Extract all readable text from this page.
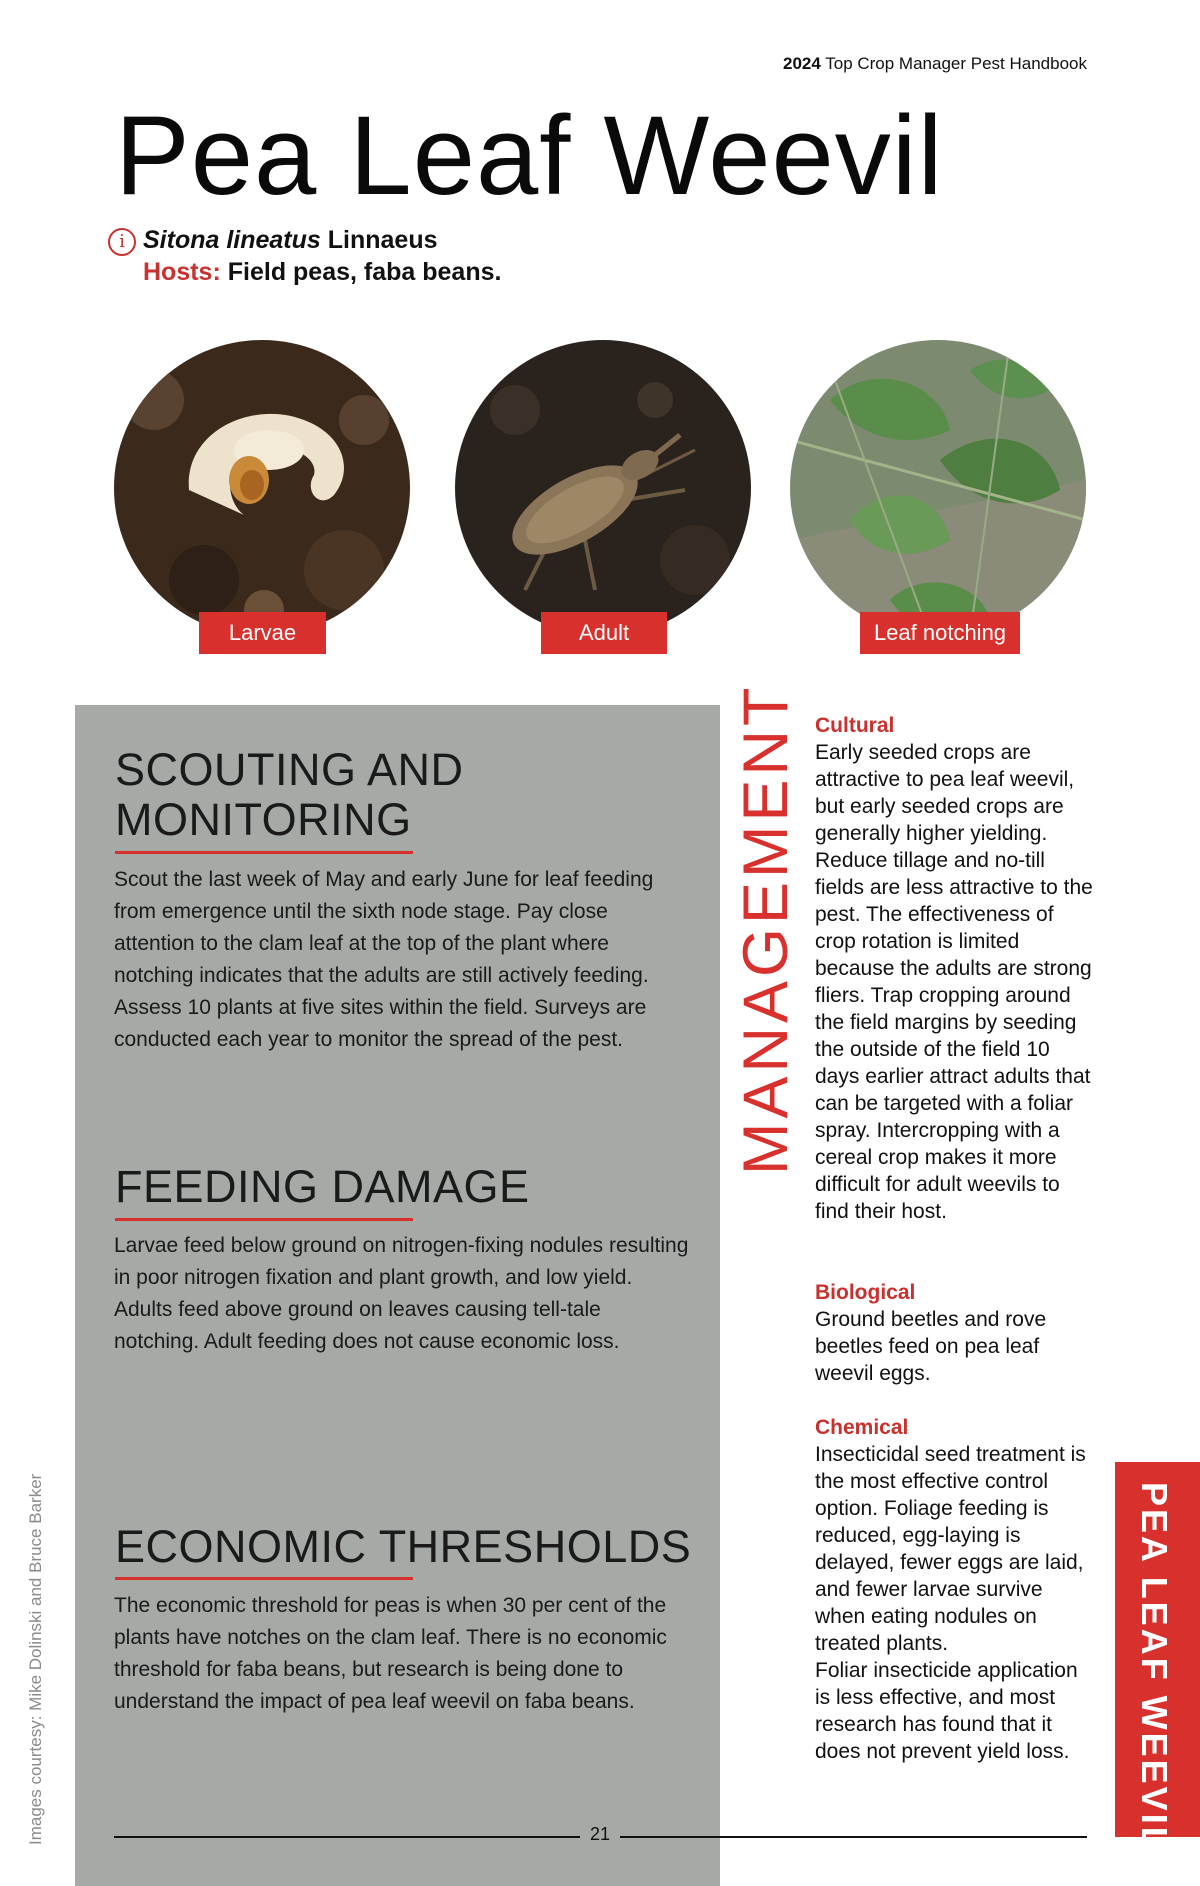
2024 Top Crop Manager Pest Handbook
Pea Leaf Weevil
i Sitona lineatus Linnaeus
Hosts: Field peas, faba beans.
Larvae	Adult	Leaf notching
SCOUTING AND
MONITORING

Scout the last week of May and early June for leaf feeding from emergence until the sixth node stage. Pay close attention to the clam leaf at the top of the plant where notching indicates that the adults are still actively feeding. Assess 10 plants at five sites within the field. Surveys are conducted each year to monitor the spread of the pest.

FEEDING DAMAGE

Larvae feed below ground on nitrogen-fixing nodules resulting in poor nitrogen fixation and plant growth, and low yield. Adults feed above ground on leaves causing tell-tale notching. Adult feeding does not cause economic loss.

ECONOMIC THRESHOLDS

The economic threshold for peas is when 30 per cent of the plants have notches on the clam leaf. There is no economic threshold for faba beans, but research is being done to understand the impact of pea leaf weevil on faba beans.

MANAGEMENT Cultural

Early seeded crops are attractive to pea leaf weevil, but early seeded crops are generally higher yielding. Reduce tillage and no-till fields are less attractive to the pest. The effectiveness of crop rotation is limited because the adults are strong fliers. Trap cropping around the field margins by seeding the outside of the field 10 days earlier attract adults that can be targeted with a foliar spray. Intercropping with a cereal crop makes it more difficult for adult weevils to find their host.

Biological

Ground beetles and rove beetles feed on pea leaf weevil eggs.

Chemical

Insecticidal seed treatment is the most effective control option. Foliage feeding is reduced, egg-laying is delayed, fewer eggs are laid, and fewer larvae survive when eating nodules on treated plants.

Foliar insecticide application is less effective, and most research has found that it does not prevent yield loss.

Images courtesy: Mike Dolinski and Bruce Barker	PEA LEAF WEEVIL
21
